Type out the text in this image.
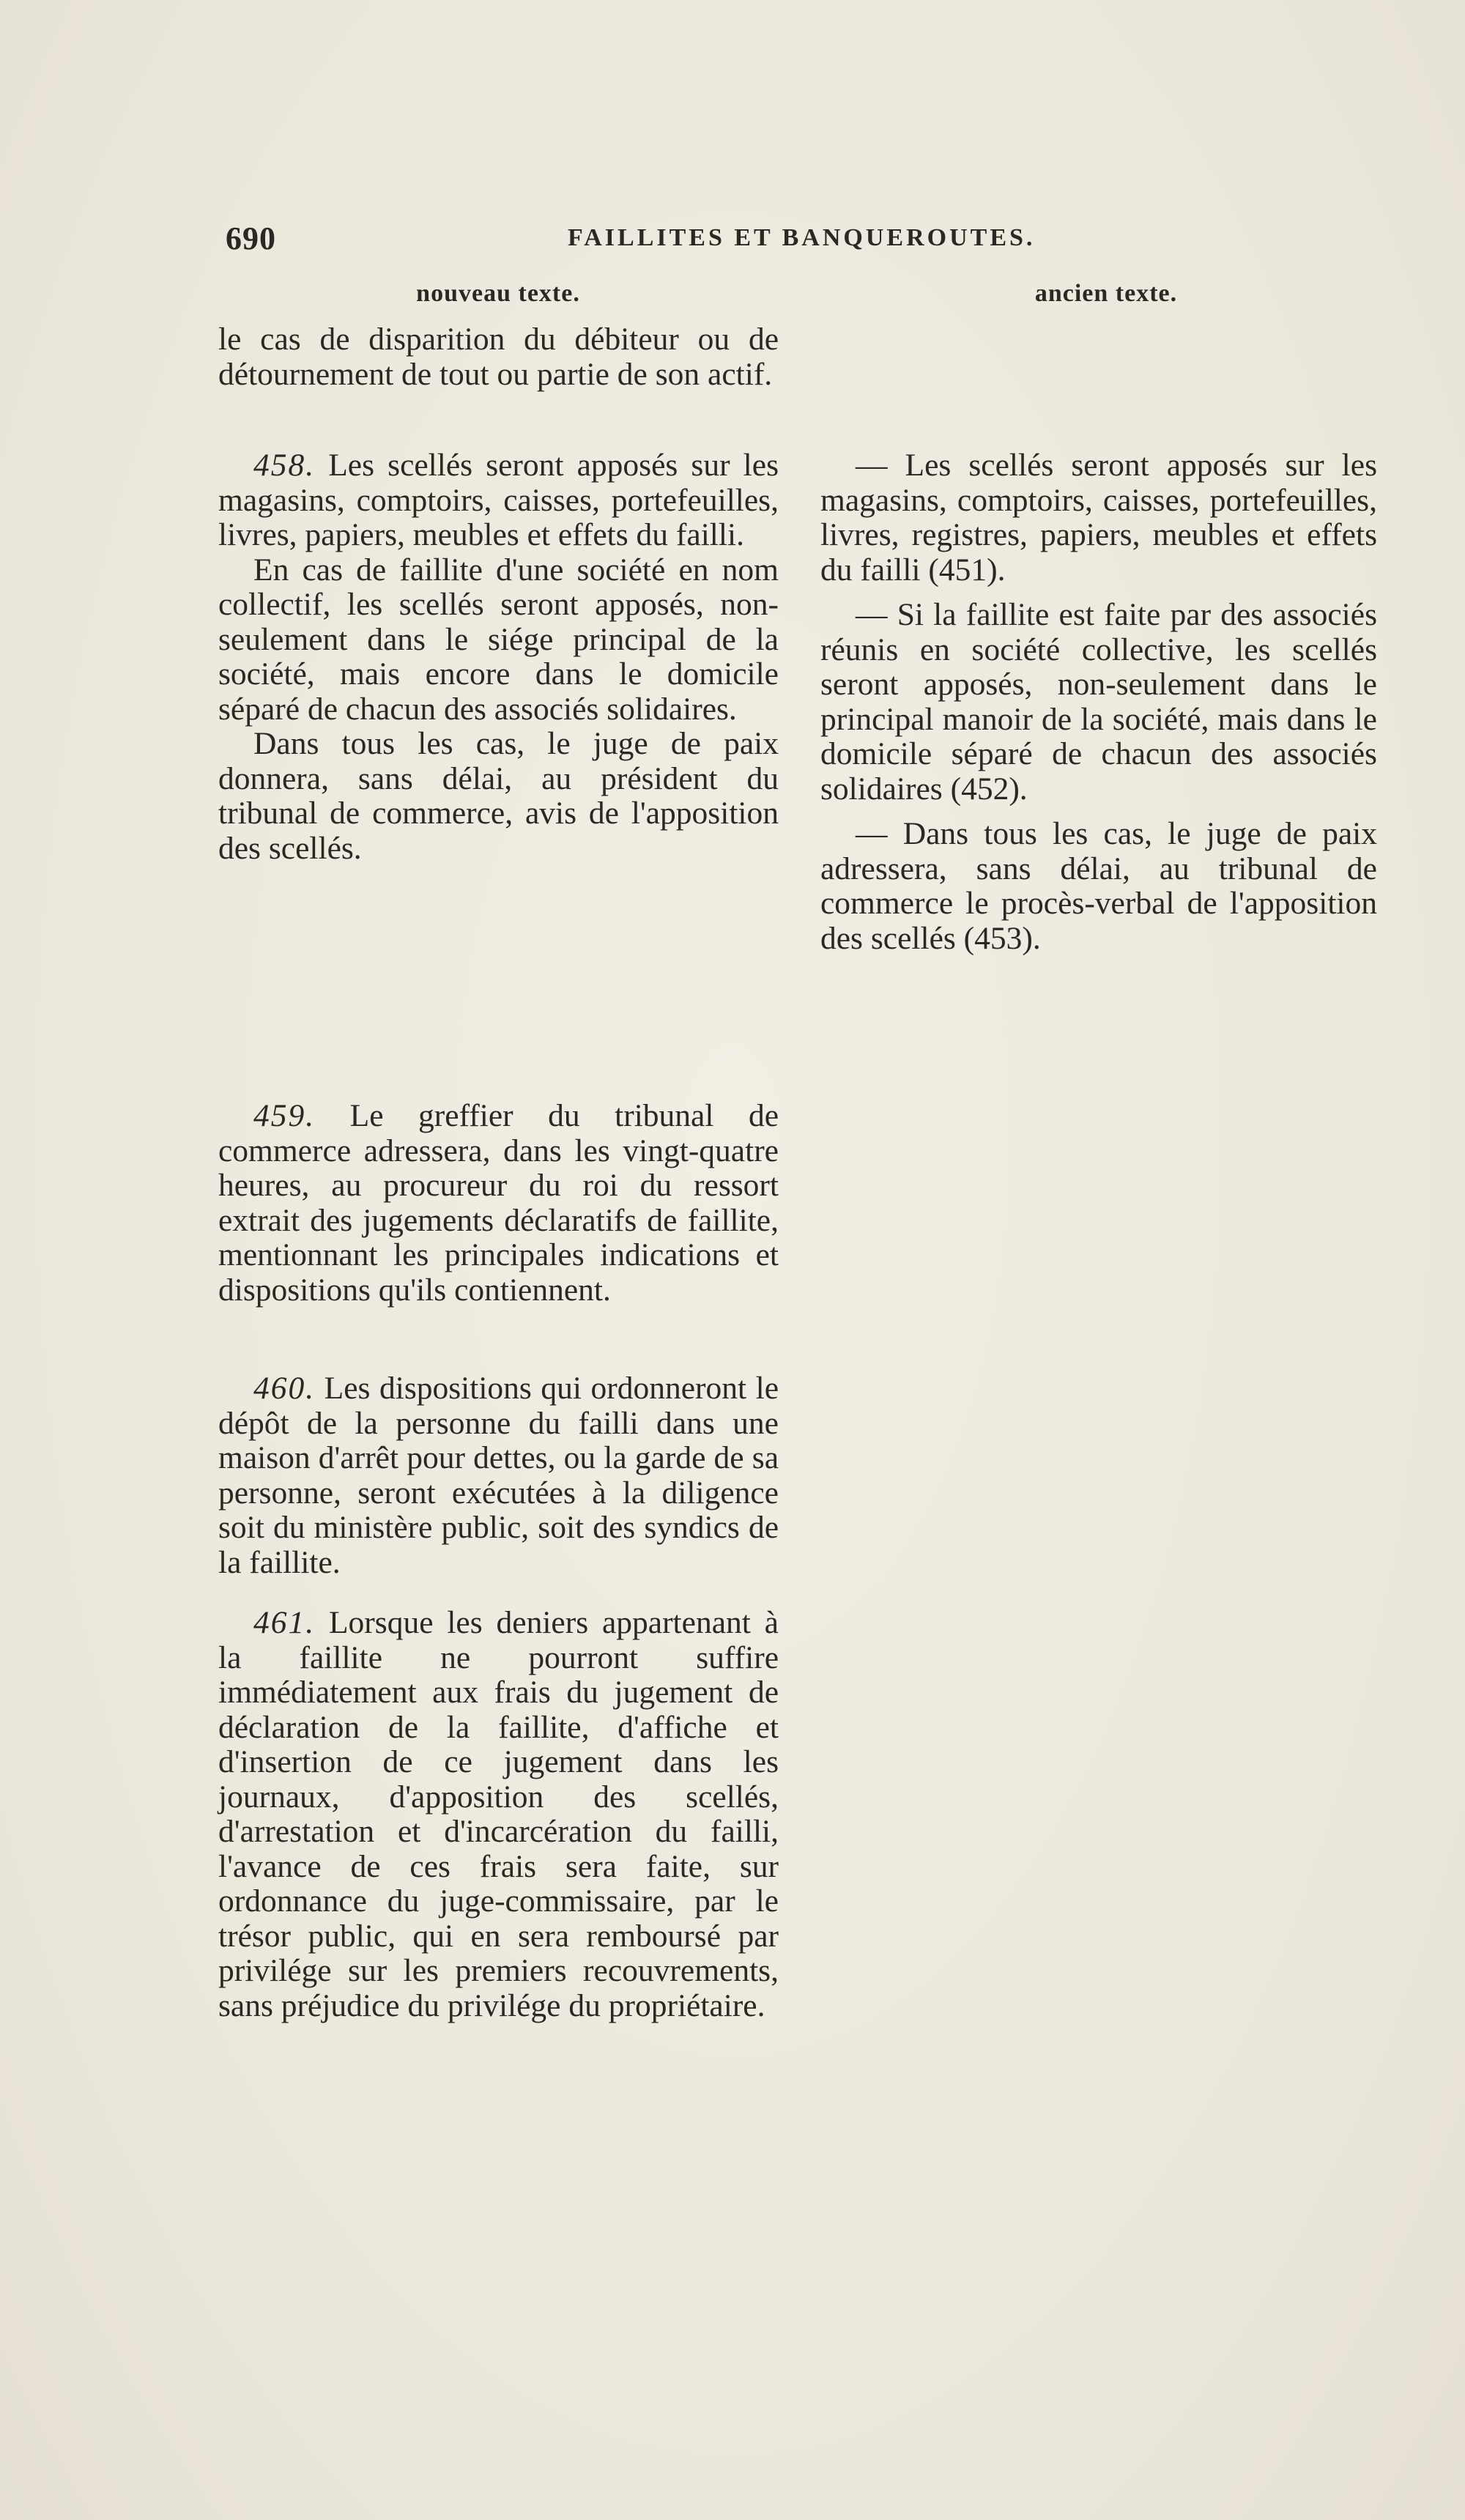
690	FAILLITES ET BANQUEROUTES.
nouveau texte.	ancien texte.

le cas de disparition du débiteur ou de détournement de tout ou partie de son actif.

458. Les scellés seront apposés sur les magasins, comptoirs, caisses, portefeuilles, livres, papiers, meubles et effets du failli.

En cas de faillite d'une société en nom collectif, les scellés seront apposés, non-seulement dans le siége principal de la société, mais encore dans le domicile séparé de chacun des associés solidaires.

Dans tous les cas, le juge de paix donnera, sans délai, au président du tribunal de commerce, avis de l'apposition des scellés.

459. Le greffier du tribunal de commerce adressera, dans les vingt-quatre heures, au procureur du roi du ressort extrait des jugements déclaratifs de faillite, mentionnant les principales indications et dispositions qu'ils contiennent.

460. Les dispositions qui ordonneront le dépôt de la personne du failli dans une maison d'arrêt pour dettes, ou la garde de sa personne, seront exécutées à la diligence soit du ministère public, soit des syndics de la faillite.

461. Lorsque les deniers appartenant à la faillite ne pourront suffire immédiatement aux frais du jugement de déclaration de la faillite, d'affiche et d'insertion de ce jugement dans les journaux, d'apposition des scellés, d'arrestation et d'incarcération du failli, l'avance de ces frais sera faite, sur ordonnance du juge-commissaire, par le trésor public, qui en sera remboursé par privilége sur les premiers recouvrements, sans préjudice du privilége du propriétaire.

— Les scellés seront apposés sur les magasins, comptoirs, caisses, portefeuilles, livres, registres, papiers, meubles et effets du failli (451).

— Si la faillite est faite par des associés réunis en société collective, les scellés seront apposés, non-seulement dans le principal manoir de la société, mais dans le domicile séparé de chacun des associés solidaires (452).

— Dans tous les cas, le juge de paix adressera, sans délai, au tribunal de commerce le procès-verbal de l'apposition des scellés (453).
